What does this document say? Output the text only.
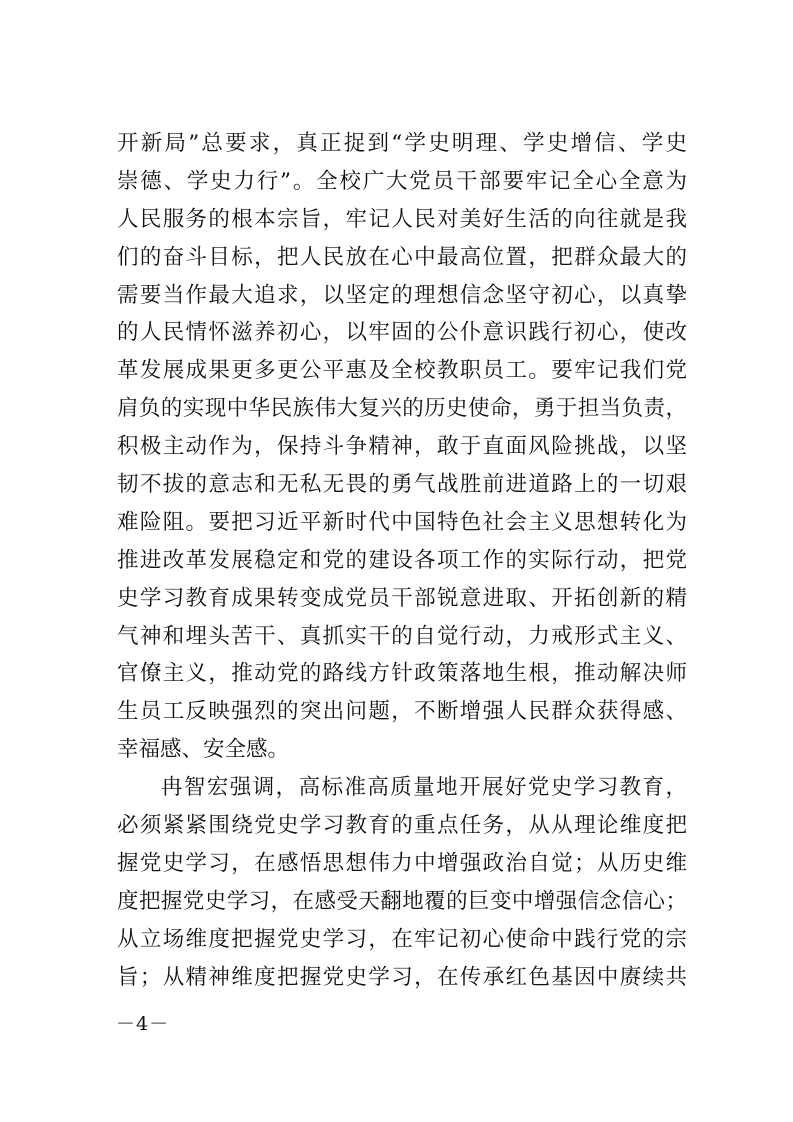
开新局”总要求，真正捉到“学史明理、学史增信、学史
崇德、学史力行”。全校广大党员干部要牢记全心全意为
人民服务的根本宗旨，牢记人民对美好生活的向往就是我
们的奋斗目标，把人民放在心中最高位置，把群众最大的
需要当作最大追求，以坚定的理想信念坚守初心，以真挚
的人民情怀滋养初心，以牢固的公仆意识践行初心，使改
革发展成果更多更公平惠及全校教职员工。要牢记我们党
肩负的实现中华民族伟大复兴的历史使命，勇于担当负责，
积极主动作为，保持斗争精神，敢于直面风险挑战，以坚
韧不拔的意志和无私无畏的勇气战胜前进道路上的一切艰
难险阻。要把习近平新时代中国特色社会主义思想转化为
推进改革发展稳定和党的建设各项工作的实际行动，把党
史学习教育成果转变成党员干部锐意进取、开拓创新的精
气神和埋头苦干、真抓实干的自觉行动，力戒形式主义、
官僚主义，推动党的路线方针政策落地生根，推动解决师
生员工反映强烈的突出问题，不断增强人民群众获得感、
幸福感、安全感。
冉智宏强调，高标准高质量地开展好党史学习教育，
必须紧紧围绕党史学习教育的重点任务，从从理论维度把
握党史学习，在感悟思想伟力中增强政治自觉；从历史维
度把握党史学习，在感受天翻地覆的巨变中增强信念信心；
从立场维度把握党史学习，在牢记初心使命中践行党的宗
旨；从精神维度把握党史学习，在传承红色基因中赓续共
－4－
